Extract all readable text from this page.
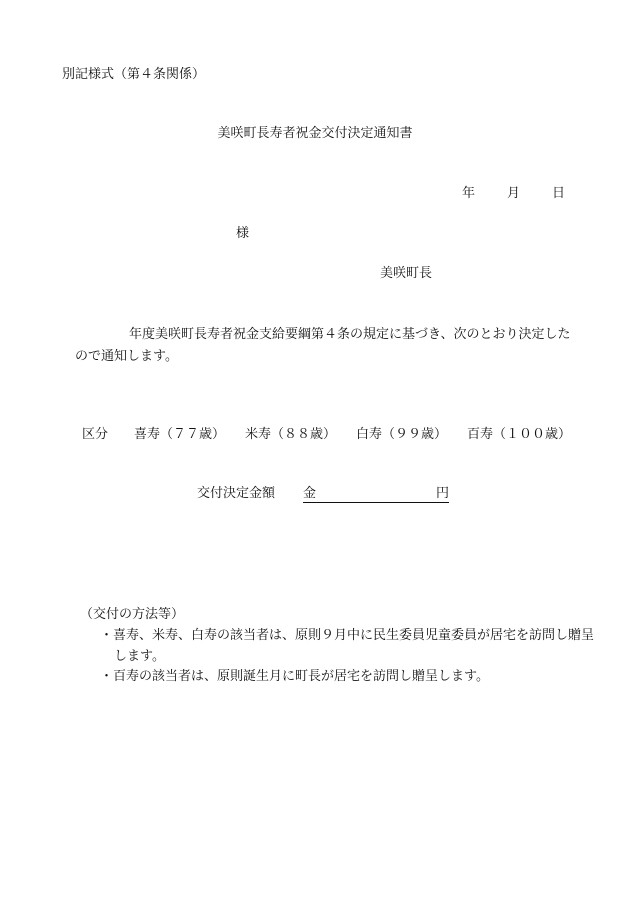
別記様式（第４条関係）
美咲町長寿者祝金交付決定通知書
年 月 日
様
美咲町長
年度美咲町長寿者祝金支給要綱第４条の規定に基づき、次のとおり決定したので通知します。
区分 喜寿（７７歳） 米寿（８８歳） 白寿（９９歳） 百寿（１００歳）
交付決定金額 金	円
（交付の方法等）
・喜寿、米寿、白寿の該当者は、原則９月中に民生委員児童委員が居宅を訪問し贈呈します。
・百寿の該当者は、原則誕生月に町長が居宅を訪問し贈呈します。
